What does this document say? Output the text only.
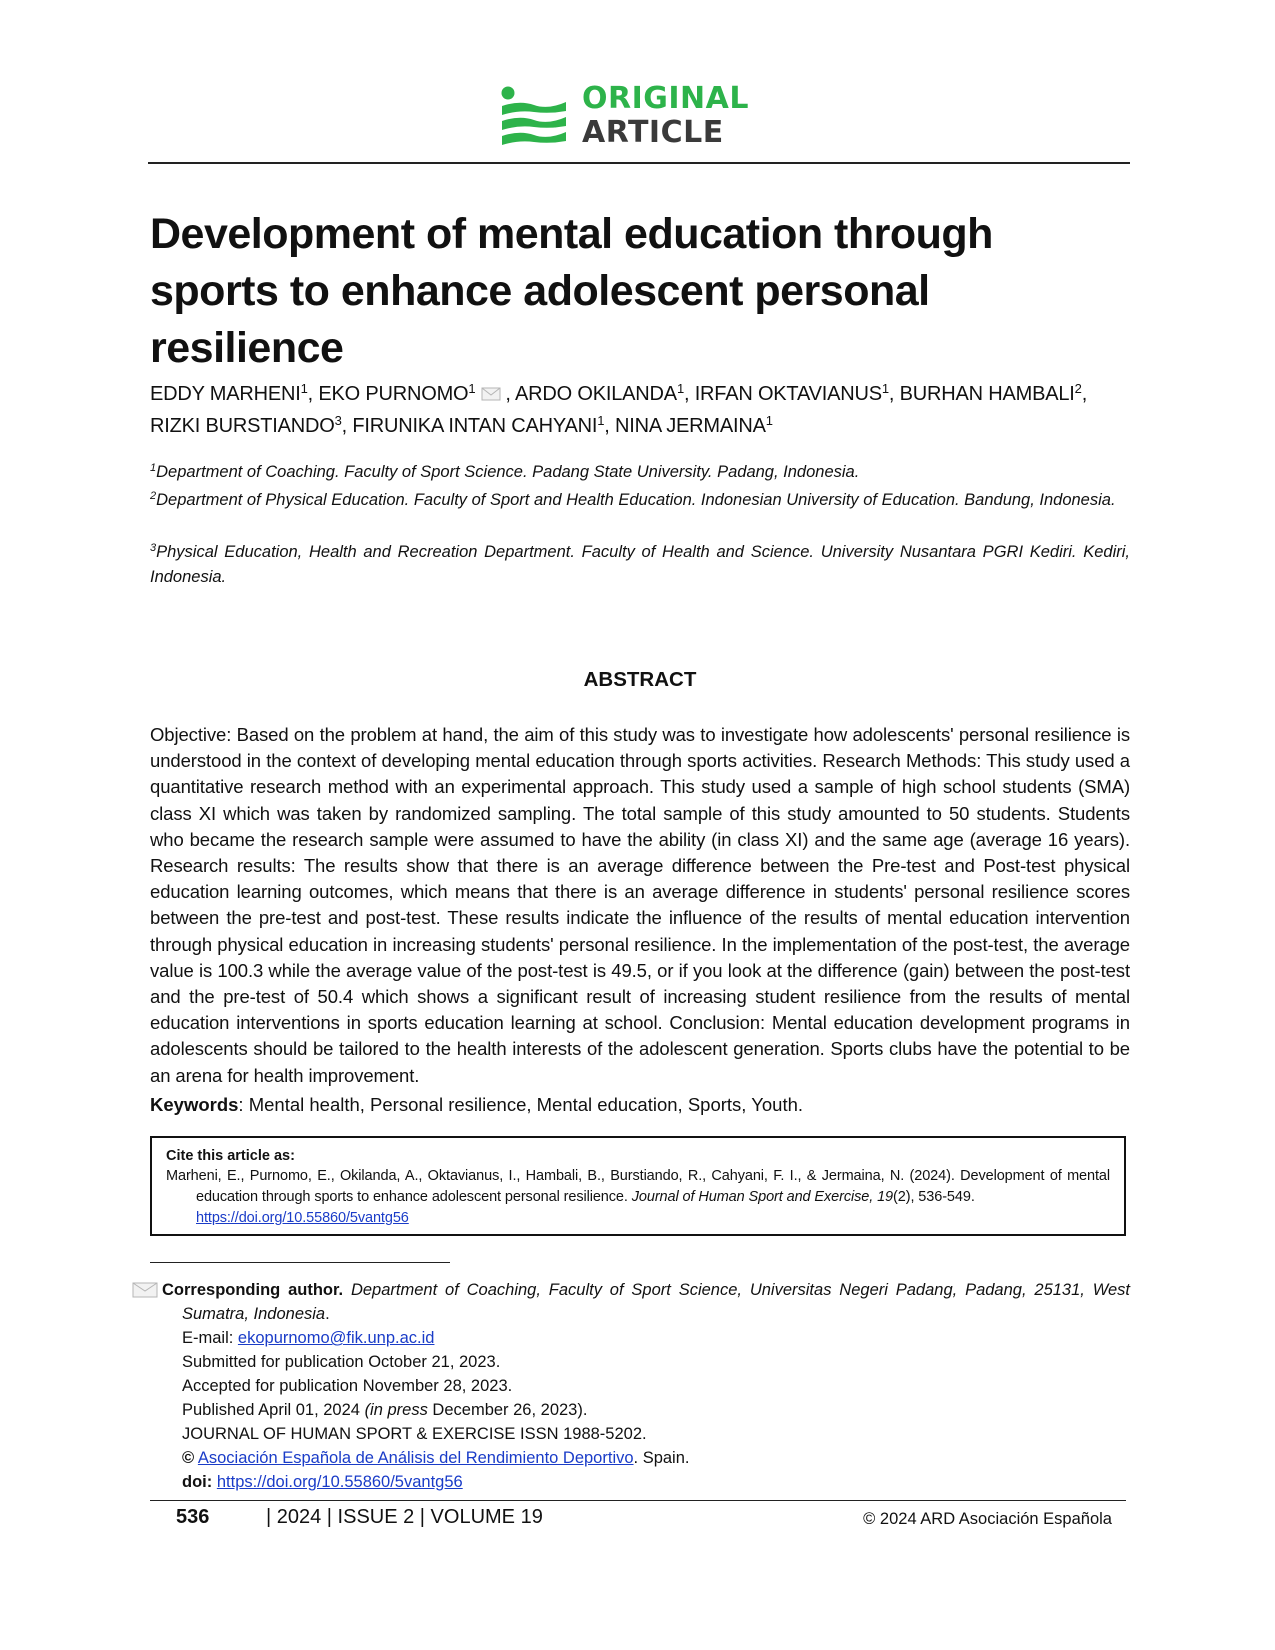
ORIGINAL
ARTICLE
Development of mental education through sports to enhance adolescent personal resilience

EDDY MARHENI$^1$, EKO PURNOMO$^1$ , ARDO OKILANDA$^1$, IRFAN OKTAVIANUS$^1$, BURHAN HAMBALI$^2$, RIZKI BURSTIANDO$^3$, FIRUNIKA INTAN CAHYANI$^1$, NINA JERMAINA$^1$

$^1$Department of Coaching. Faculty of Sport Science. Padang State University. Padang, Indonesia.

$^2$Department of Physical Education. Faculty of Sport and Health Education. Indonesian University of Education. Bandung, Indonesia.

$^3$Physical Education, Health and Recreation Department. Faculty of Health and Science. University Nusantara PGRI Kediri. Kediri, Indonesia.

ABSTRACT

Objective: Based on the problem at hand, the aim of this study was to investigate how adolescents' personal resilience is understood in the context of developing mental education through sports activities. Research Methods: This study used a quantitative research method with an experimental approach. This study used a sample of high school students (SMA) class XI which was taken by randomized sampling. The total sample of this study amounted to 50 students. Students who became the research sample were assumed to have the ability (in class XI) and the same age (average 16 years). Research results: The results show that there is an average difference between the Pre-test and Post-test physical education learning outcomes, which means that there is an average difference in students' personal resilience scores between the pre-test and post-test. These results indicate the influence of the results of mental education intervention through physical education in increasing students' personal resilience. In the implementation of the post-test, the average value is 100.3 while the average value of the post-test is 49.5, or if you look at the difference (gain) between the post-test and the pre-test of 50.4 which shows a significant result of increasing student resilience from the results of mental education interventions in sports education learning at school. Conclusion: Mental education development programs in adolescents should be tailored to the health interests of the adolescent generation. Sports clubs have the potential to be an arena for health improvement.

Keywords: Mental health, Personal resilience, Mental education, Sports, Youth.

Cite this article as:

Marheni, E., Purnomo, E., Okilanda, A., Oktavianus, I., Hambali, B., Burstiando, R., Cahyani, F. I., & Jermaina, N. (2024). Development of mental education through sports to enhance adolescent personal resilience. Journal of Human Sport and Exercise, 19(2), 536-549.
https://doi.org/10.55860/5vantg56

Corresponding author. Department of Coaching, Faculty of Sport Science, Universitas Negeri Padang, Padang, 25131, West Sumatra, Indonesia.

E-mail: ekopurnomo@fik.unp.ac.id

Submitted for publication October 21, 2023.

Accepted for publication November 28, 2023.

Published April 01, 2024 (in press December 26, 2023).

JOURNAL OF HUMAN SPORT & EXERCISE ISSN 1988-5202.

© Asociación Española de Análisis del Rendimiento Deportivo. Spain.

doi: https://doi.org/10.55860/5vantg56

536	| 2024 | ISSUE 2 | VOLUME 19	© 2024 ARD Asociación Española
